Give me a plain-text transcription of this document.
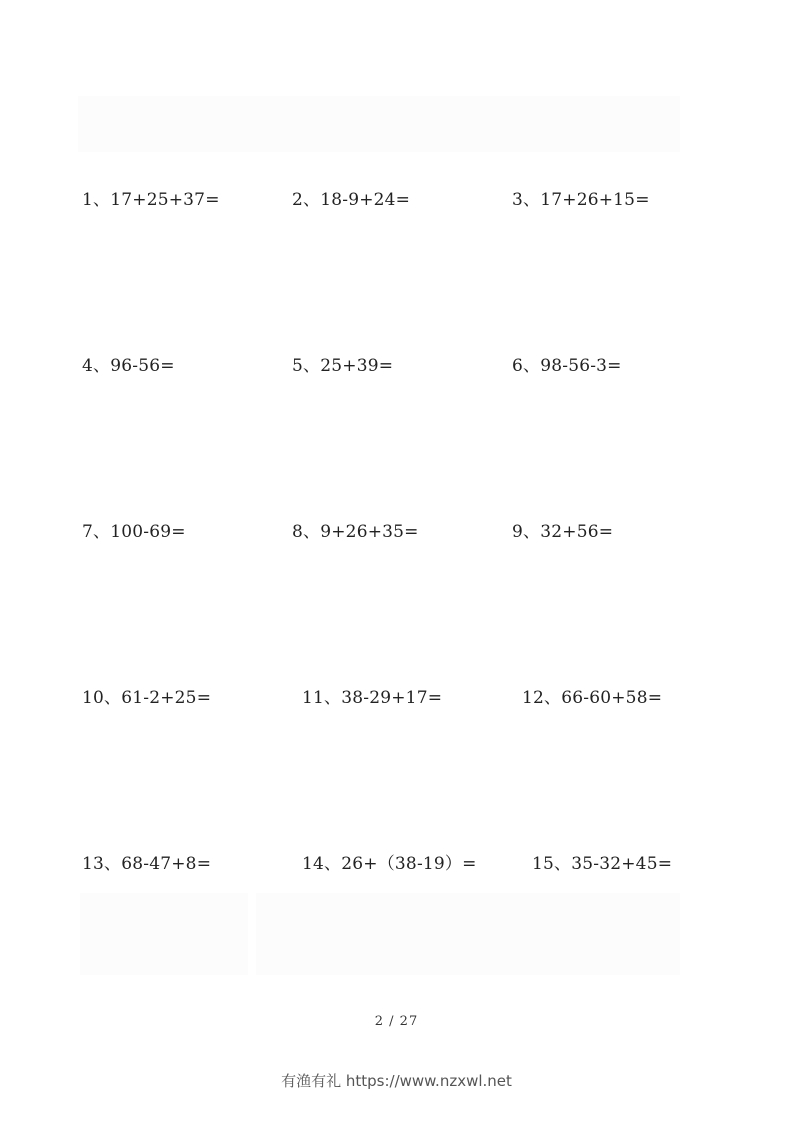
1、17+25+37=	2、18-9+24=	3、17+26+15=
4、96-56=	5、25+39=	6、98-56-3=
7、100-69=	8、9+26+35=	9、32+56=
10、61-2+25=	11、38-29+17=	12、66-60+58=
13、68-47+8=	14、26+（38-19）=	15、35-32+45=
2 / 27
有渔有礼 https://www.nzxwl.net
